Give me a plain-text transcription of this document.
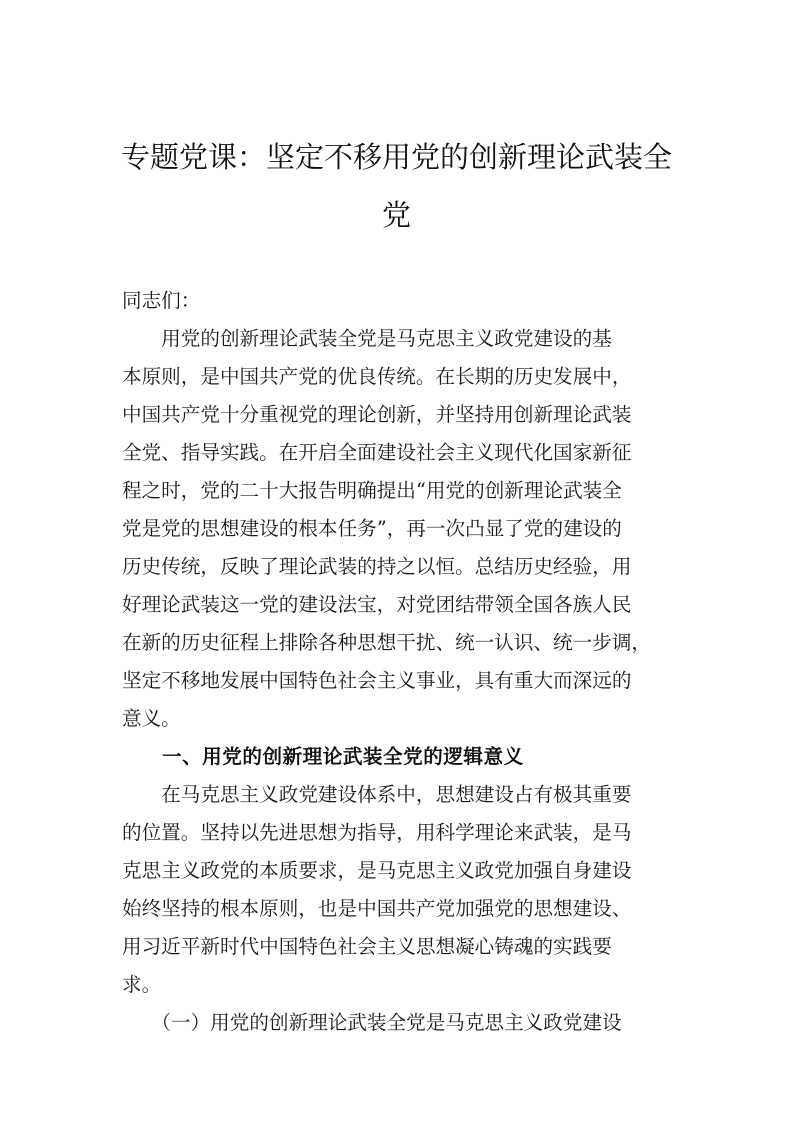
专题党课：坚定不移用党的创新理论武装全
党
同志们：
　　用党的创新理论武装全党是马克思主义政党建设的基
本原则，是中国共产党的优良传统。在长期的历史发展中，
中国共产党十分重视党的理论创新，并坚持用创新理论武装
全党、指导实践。在开启全面建设社会主义现代化国家新征
程之时，党的二十大报告明确提出“用党的创新理论武装全
党是党的思想建设的根本任务”，再一次凸显了党的建设的
历史传统，反映了理论武装的持之以恒。总结历史经验，用
好理论武装这一党的建设法宝，对党团结带领全国各族人民
在新的历史征程上排除各种思想干扰、统一认识、统一步调，
坚定不移地发展中国特色社会主义事业，具有重大而深远的
意义。
一、用党的创新理论武装全党的逻辑意义
　　在马克思主义政党建设体系中，思想建设占有极其重要
的位置。坚持以先进思想为指导，用科学理论来武装，是马
克思主义政党的本质要求，是马克思主义政党加强自身建设
始终坚持的根本原则，也是中国共产党加强党的思想建设、
用习近平新时代中国特色社会主义思想凝心铸魂的实践要
求。
　　（一）用党的创新理论武装全党是马克思主义政党建设
